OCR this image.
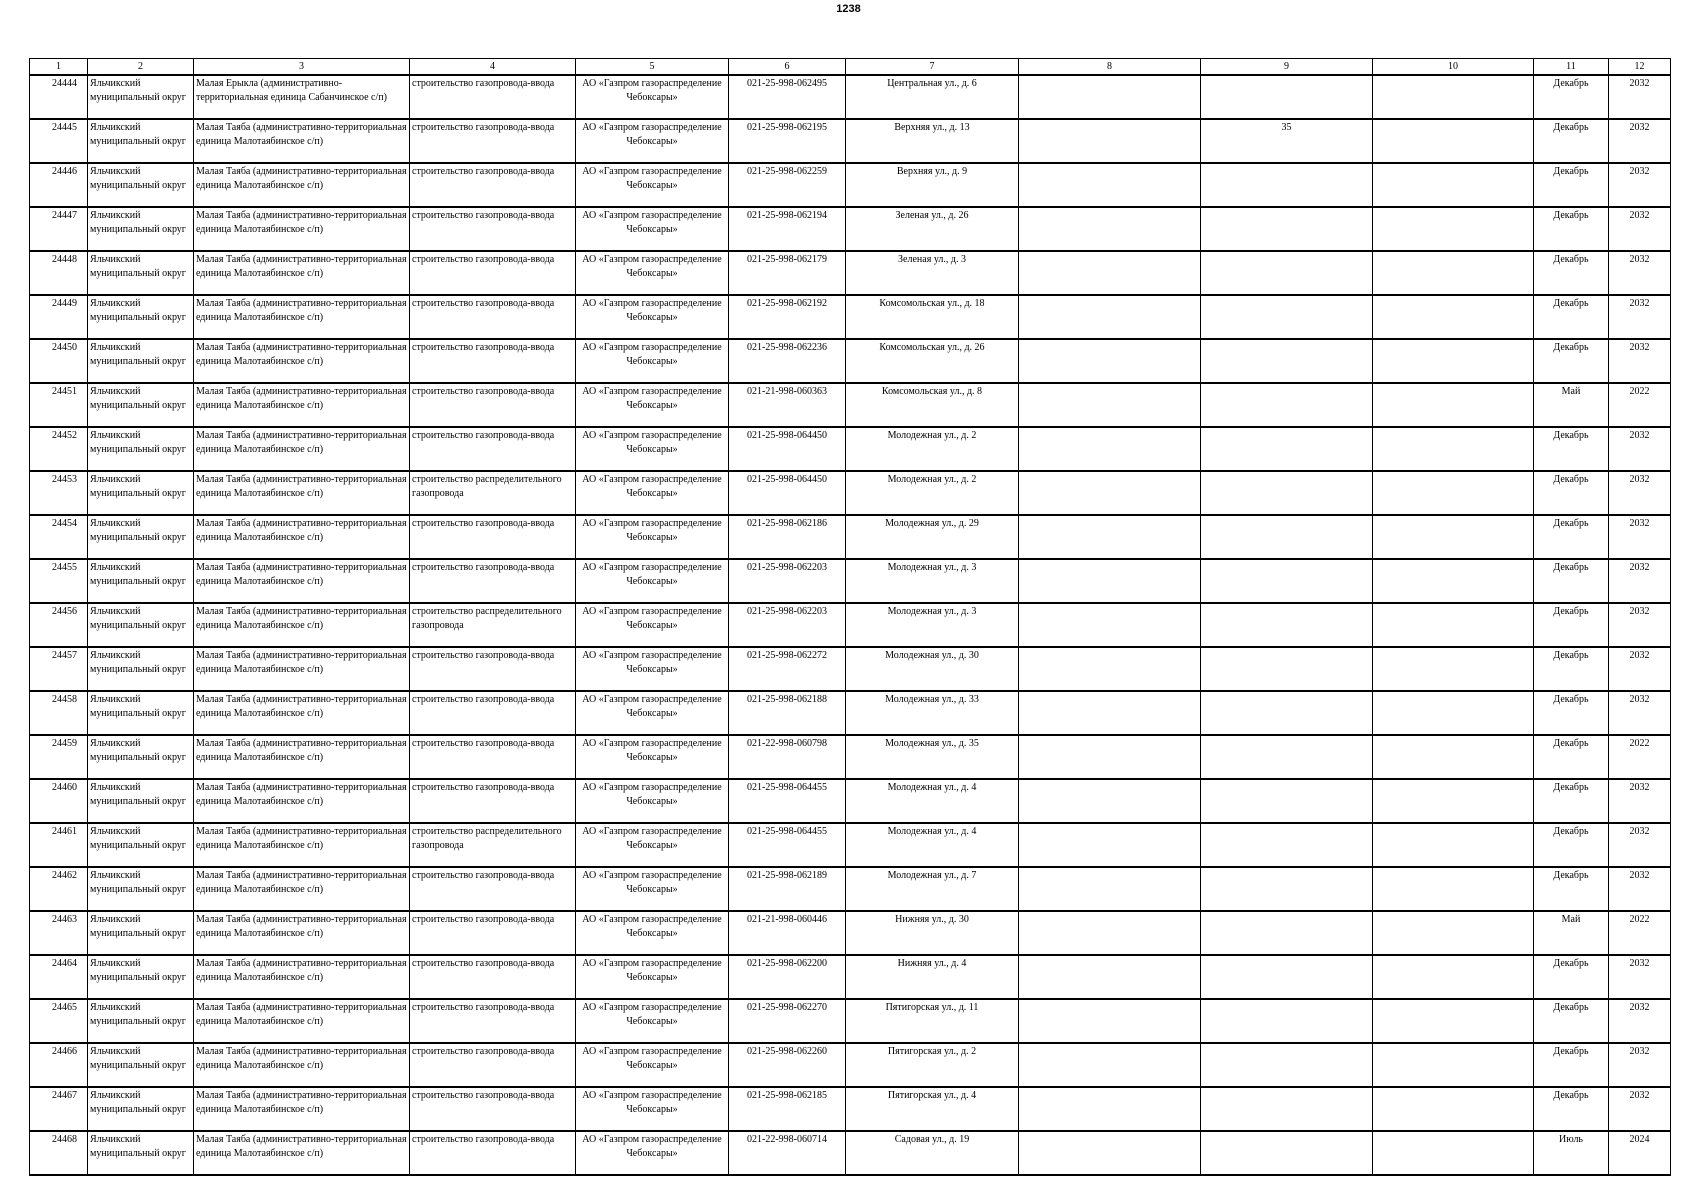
1238
1	2	3	4	5	6	7	8	9	10	11	12

24444	Яльчикский муниципальный округ	Малая Ерыкла (административно-территориальная единица Сабанчинское с/п)	строительство газопровода-ввода	АО «Газпром газораспределение Чебоксары»	021-25-998-062495	Центральная ул., д. 6				Декабрь	2032

24445	Яльчикский муниципальный округ	Малая Таяба (административно-территориальная единица Малотаябинское с/п)	строительство газопровода-ввода	АО «Газпром газораспределение Чебоксары»	021-25-998-062195	Верхняя ул., д. 13		35		Декабрь	2032

24446	Яльчикский муниципальный округ	Малая Таяба (административно-территориальная единица Малотаябинское с/п)	строительство газопровода-ввода	АО «Газпром газораспределение Чебоксары»	021-25-998-062259	Верхняя ул., д. 9				Декабрь	2032

24447	Яльчикский муниципальный округ	Малая Таяба (административно-территориальная единица Малотаябинское с/п)	строительство газопровода-ввода	АО «Газпром газораспределение Чебоксары»	021-25-998-062194	Зеленая ул., д. 26				Декабрь	2032

24448	Яльчикский муниципальный округ	Малая Таяба (административно-территориальная единица Малотаябинское с/п)	строительство газопровода-ввода	АО «Газпром газораспределение Чебоксары»	021-25-998-062179	Зеленая ул., д. 3				Декабрь	2032

24449	Яльчикский муниципальный округ	Малая Таяба (административно-территориальная единица Малотаябинское с/п)	строительство газопровода-ввода	АО «Газпром газораспределение Чебоксары»	021-25-998-062192	Комсомольская ул., д. 18				Декабрь	2032

24450	Яльчикский муниципальный округ	Малая Таяба (административно-территориальная единица Малотаябинское с/п)	строительство газопровода-ввода	АО «Газпром газораспределение Чебоксары»	021-25-998-062236	Комсомольская ул., д. 26				Декабрь	2032

24451	Яльчикский муниципальный округ	Малая Таяба (административно-территориальная единица Малотаябинское с/п)	строительство газопровода-ввода	АО «Газпром газораспределение Чебоксары»	021-21-998-060363	Комсомольская ул., д. 8				Май	2022

24452	Яльчикский муниципальный округ	Малая Таяба (административно-территориальная единица Малотаябинское с/п)	строительство газопровода-ввода	АО «Газпром газораспределение Чебоксары»	021-25-998-064450	Молодежная ул., д. 2				Декабрь	2032

24453	Яльчикский муниципальный округ	Малая Таяба (административно-территориальная единица Малотаябинское с/п)	строительство распределительного газопровода	АО «Газпром газораспределение Чебоксары»	021-25-998-064450	Молодежная ул., д. 2				Декабрь	2032

24454	Яльчикский муниципальный округ	Малая Таяба (административно-территориальная единица Малотаябинское с/п)	строительство газопровода-ввода	АО «Газпром газораспределение Чебоксары»	021-25-998-062186	Молодежная ул., д. 29				Декабрь	2032

24455	Яльчикский муниципальный округ	Малая Таяба (административно-территориальная единица Малотаябинское с/п)	строительство газопровода-ввода	АО «Газпром газораспределение Чебоксары»	021-25-998-062203	Молодежная ул., д. 3				Декабрь	2032

24456	Яльчикский муниципальный округ	Малая Таяба (административно-территориальная единица Малотаябинское с/п)	строительство распределительного газопровода	АО «Газпром газораспределение Чебоксары»	021-25-998-062203	Молодежная ул., д. 3				Декабрь	2032

24457	Яльчикский муниципальный округ	Малая Таяба (административно-территориальная единица Малотаябинское с/п)	строительство газопровода-ввода	АО «Газпром газораспределение Чебоксары»	021-25-998-062272	Молодежная ул., д. 30				Декабрь	2032

24458	Яльчикский муниципальный округ	Малая Таяба (административно-территориальная единица Малотаябинское с/п)	строительство газопровода-ввода	АО «Газпром газораспределение Чебоксары»	021-25-998-062188	Молодежная ул., д. 33				Декабрь	2032

24459	Яльчикский муниципальный округ	Малая Таяба (административно-территориальная единица Малотаябинское с/п)	строительство газопровода-ввода	АО «Газпром газораспределение Чебоксары»	021-22-998-060798	Молодежная ул., д. 35				Декабрь	2022

24460	Яльчикский муниципальный округ	Малая Таяба (административно-территориальная единица Малотаябинское с/п)	строительство газопровода-ввода	АО «Газпром газораспределение Чебоксары»	021-25-998-064455	Молодежная ул., д. 4				Декабрь	2032

24461	Яльчикский муниципальный округ	Малая Таяба (административно-территориальная единица Малотаябинское с/п)	строительство распределительного газопровода	АО «Газпром газораспределение Чебоксары»	021-25-998-064455	Молодежная ул., д. 4				Декабрь	2032

24462	Яльчикский муниципальный округ	Малая Таяба (административно-территориальная единица Малотаябинское с/п)	строительство газопровода-ввода	АО «Газпром газораспределение Чебоксары»	021-25-998-062189	Молодежная ул., д. 7				Декабрь	2032

24463	Яльчикский муниципальный округ	Малая Таяба (административно-территориальная единица Малотаябинское с/п)	строительство газопровода-ввода	АО «Газпром газораспределение Чебоксары»	021-21-998-060446	Нижняя ул., д. 30				Май	2022

24464	Яльчикский муниципальный округ	Малая Таяба (административно-территориальная единица Малотаябинское с/п)	строительство газопровода-ввода	АО «Газпром газораспределение Чебоксары»	021-25-998-062200	Нижняя ул., д. 4				Декабрь	2032

24465	Яльчикский муниципальный округ	Малая Таяба (административно-территориальная единица Малотаябинское с/п)	строительство газопровода-ввода	АО «Газпром газораспределение Чебоксары»	021-25-998-062270	Пятигорская ул., д. 11				Декабрь	2032

24466	Яльчикский муниципальный округ	Малая Таяба (административно-территориальная единица Малотаябинское с/п)	строительство газопровода-ввода	АО «Газпром газораспределение Чебоксары»	021-25-998-062260	Пятигорская ул., д. 2				Декабрь	2032

24467	Яльчикский муниципальный округ	Малая Таяба (административно-территориальная единица Малотаябинское с/п)	строительство газопровода-ввода	АО «Газпром газораспределение Чебоксары»	021-25-998-062185	Пятигорская ул., д. 4				Декабрь	2032

24468	Яльчикский муниципальный округ	Малая Таяба (административно-территориальная единица Малотаябинское с/п)	строительство газопровода-ввода	АО «Газпром газораспределение Чебоксары»	021-22-998-060714	Садовая ул., д. 19				Июль	2024
